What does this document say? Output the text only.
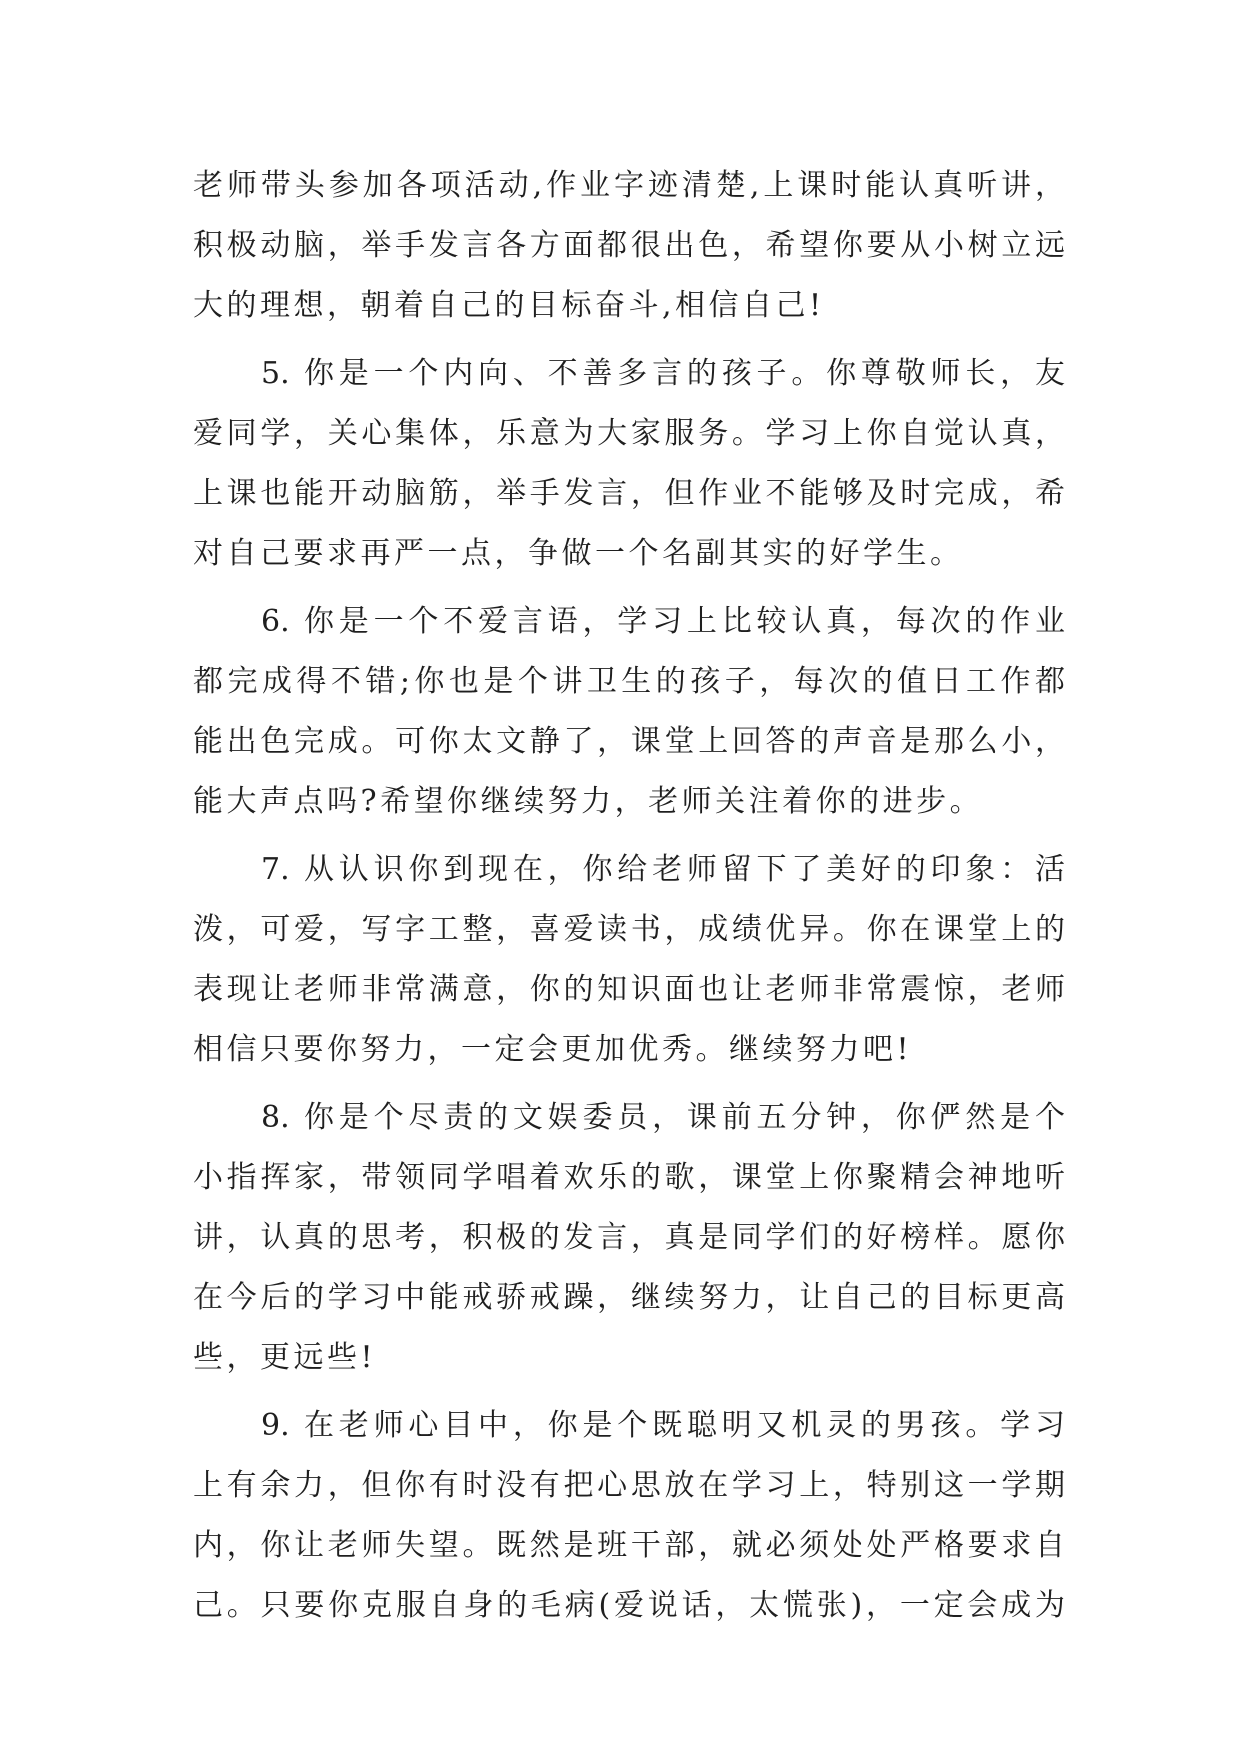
老师带头参加各项活动,作业字迹清楚,上课时能认真听讲，
积极动脑，举手发言各方面都很出色，希望你要从小树立远
大的理想，朝着自己的目标奋斗,相信自己!
5. 你是一个内向、不善多言的孩子。你尊敬师长，友
爱同学，关心集体，乐意为大家服务。学习上你自觉认真，
上课也能开动脑筋，举手发言，但作业不能够及时完成，希
对自己要求再严一点，争做一个名副其实的好学生。
6. 你是一个不爱言语，学习上比较认真，每次的作业
都完成得不错;你也是个讲卫生的孩子，每次的值日工作都
能出色完成。可你太文静了，课堂上回答的声音是那么小，
能大声点吗?希望你继续努力，老师关注着你的进步。
7. 从认识你到现在，你给老师留下了美好的印象：活
泼，可爱，写字工整，喜爱读书，成绩优异。你在课堂上的
表现让老师非常满意，你的知识面也让老师非常震惊，老师
相信只要你努力，一定会更加优秀。继续努力吧!
8. 你是个尽责的文娱委员，课前五分钟，你俨然是个
小指挥家，带领同学唱着欢乐的歌，课堂上你聚精会神地听
讲，认真的思考，积极的发言，真是同学们的好榜样。愿你
在今后的学习中能戒骄戒躁，继续努力，让自己的目标更高
些，更远些!
9. 在老师心目中，你是个既聪明又机灵的男孩。学习
上有余力，但你有时没有把心思放在学习上，特别这一学期
内，你让老师失望。既然是班干部，就必须处处严格要求自
己。只要你克服自身的毛病(爱说话，太慌张)，一定会成为
